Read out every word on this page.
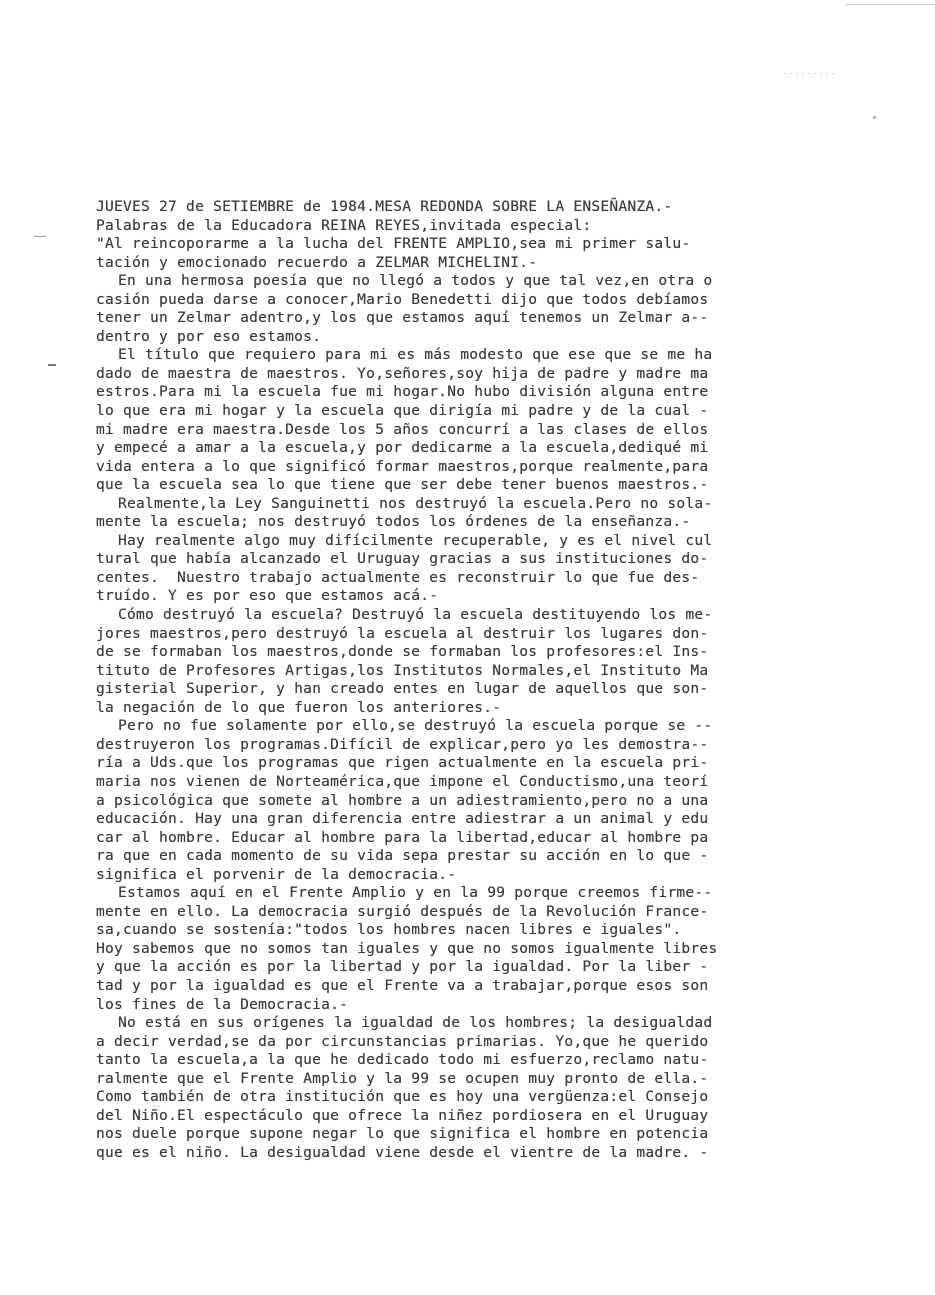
JUEVES 27 de SETIEMBRE de 1984.MESA REDONDA SOBRE LA ENSEÑANZA.-
Palabras de la Educadora REINA REYES,invitada especial:
"Al reincoporarme a la lucha del FRENTE AMPLIO,sea mi primer salu-
tación y emocionado recuerdo a ZELMAR MICHELINI.-
En una hermosa poesía que no llegó a todos y que tal vez,en otra o
casión pueda darse a conocer,Mario Benedetti dijo que todos debíamos
tener un Zelmar adentro,y los que estamos aquí tenemos un Zelmar a--
dentro y por eso estamos.
El título que requiero para mi es más modesto que ese que se me ha
dado de maestra de maestros. Yo,señores,soy hija de padre y madre ma
estros.Para mi la escuela fue mi hogar.No hubo división alguna entre
lo que era mi hogar y la escuela que dirigía mi padre y de la cual -
mi madre era maestra.Desde los 5 años concurrí a las clases de ellos
y empecé a amar a la escuela,y por dedicarme a la escuela,dediqué mi
vida entera a lo que significó formar maestros,porque realmente,para
que la escuela sea lo que tiene que ser debe tener buenos maestros.-
Realmente,la Ley Sanguinetti nos destruyó la escuela.Pero no sola-
mente la escuela; nos destruyó todos los órdenes de la enseñanza.-
Hay realmente algo muy difícilmente recuperable, y es el nivel cul
tural que había alcanzado el Uruguay gracias a sus instituciones do-
centes.  Nuestro trabajo actualmente es reconstruir lo que fue des-
truído. Y es por eso que estamos acá.-
Cómo destruyó la escuela? Destruyó la escuela destituyendo los me-
jores maestros,pero destruyó la escuela al destruir los lugares don-
de se formaban los maestros,donde se formaban los profesores:el Ins-
tituto de Profesores Artigas,los Institutos Normales,el Instituto Ma
gisterial Superior, y han creado entes en lugar de aquellos que son-
la negación de lo que fueron los anteriores.-
Pero no fue solamente por ello,se destruyó la escuela porque se --
destruyeron los programas.Difícil de explicar,pero yo les demostra--
ría a Uds.que los programas que rigen actualmente en la escuela pri-
maria nos vienen de Norteamérica,que impone el Conductismo,una teorí
a psicológica que somete al hombre a un adiestramiento,pero no a una
educación. Hay una gran diferencia entre adiestrar a un animal y edu
car al hombre. Educar al hombre para la libertad,educar al hombre pa
ra que en cada momento de su vida sepa prestar su acción en lo que -
significa el porvenir de la democracia.-
Estamos aquí en el Frente Amplio y en la 99 porque creemos firme--
mente en ello. La democracia surgió después de la Revolución France-
sa,cuando se sostenía:"todos los hombres nacen libres e iguales".
Hoy sabemos que no somos tan iguales y que no somos igualmente libres
y que la acción es por la libertad y por la igualdad. Por la liber -
tad y por la igualdad es que el Frente va a trabajar,porque esos son
los fines de la Democracia.-
No está en sus orígenes la igualdad de los hombres; la desigualdad
a decir verdad,se da por circunstancias primarias. Yo,que he querido
tanto la escuela,a la que he dedicado todo mi esfuerzo,reclamo natu-
ralmente que el Frente Amplio y la 99 se ocupen muy pronto de ella.-
Como también de otra institución que es hoy una vergüenza:el Consejo
del Niño.El espectáculo que ofrece la niñez pordiosera en el Uruguay
nos duele porque supone negar lo que significa el hombre en potencia
que es el niño. La desigualdad viene desde el vientre de la madre. -
